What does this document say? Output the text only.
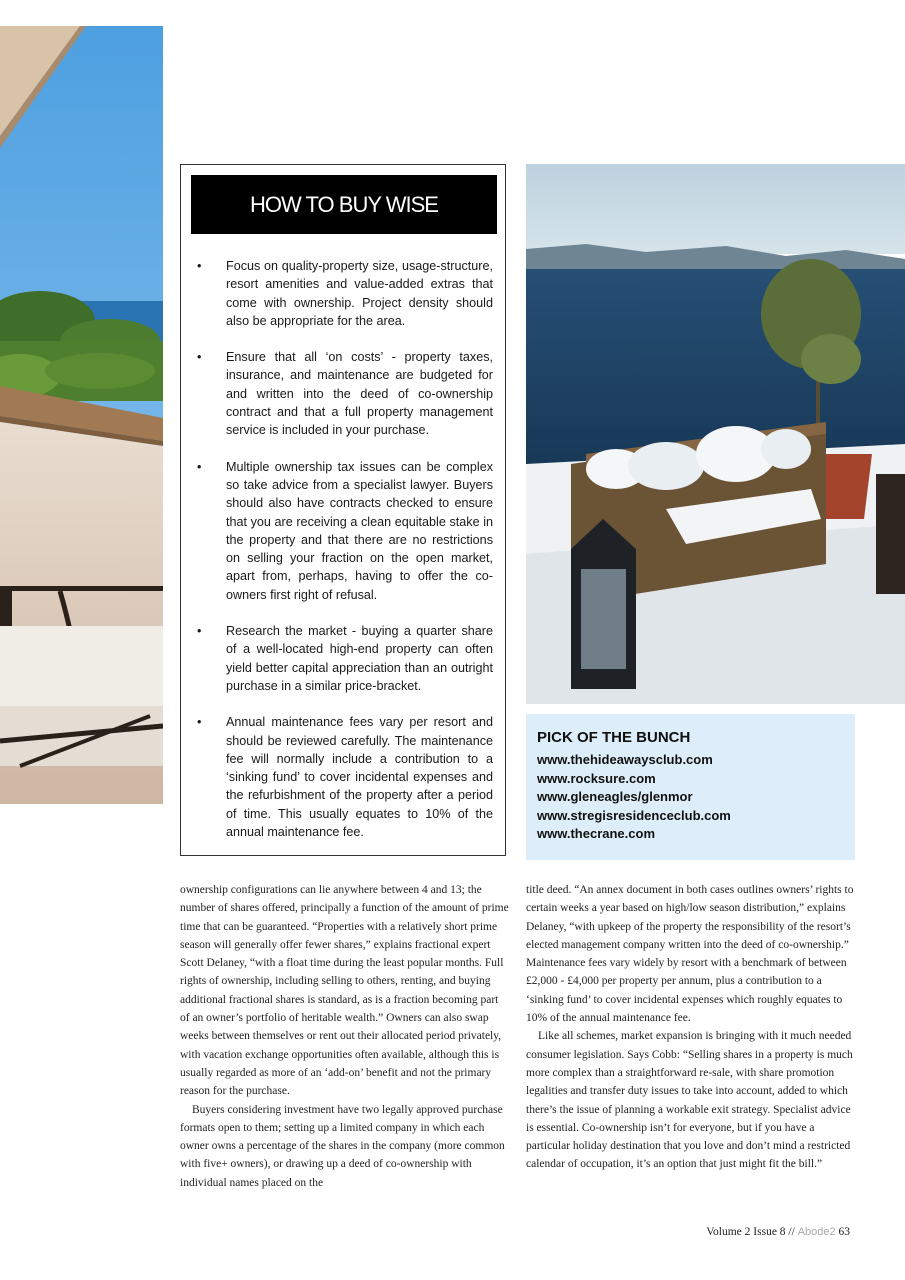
HOW TO BUY WISE
• Focus on quality-property size, usage-structure, resort amenities and value-added extras that come with ownership. Project density should also be appropriate for the area.
• Ensure that all ‘on costs’ - property taxes, insurance, and maintenance are budgeted for and written into the deed of co-ownership contract and that a full property management service is included in your purchase.
• Multiple ownership tax issues can be complex so take advice from a specialist lawyer. Buyers should also have contracts checked to ensure that you are receiving a clean equitable stake in the property and that there are no restrictions on selling your fraction on the open market, apart from, perhaps, having to offer the co-owners first right of refusal.
• Research the market - buying a quarter share of a well-located high-end property can often yield better capital appreciation than an outright purchase in a similar price-bracket.
• Annual maintenance fees vary per resort and should be reviewed carefully. The maintenance fee will normally include a contribution to a ‘sinking fund’ to cover incidental expenses and the refurbishment of the property after a period of time. This usually equates to 10% of the annual maintenance fee.
PICK OF THE BUNCH
www.thehideawaysclub.com
www.rocksure.com
www.gleneagles/glenmor
www.stregisresidenceclub.com
www.thecrane.com

ownership configurations can lie anywhere between 4 and 13; the number of shares offered, principally a function of the amount of prime time that can be guaranteed. “Properties with a relatively short prime season will generally offer fewer shares,” explains fractional expert Scott Delaney, “with a float time during the least popular months. Full rights of ownership, including selling to others, renting, and buying additional fractional shares is standard, as is a fraction becoming part of an owner’s portfolio of heritable wealth.” Owners can also swap weeks between themselves or rent out their allocated period privately, with vacation exchange opportunities often available, although this is usually regarded as more of an ‘add-on’ benefit and not the primary reason for the purchase.

Buyers considering investment have two legally approved purchase formats open to them; setting up a limited company in which each owner owns a percentage of the shares in the company (more common with five+ owners), or drawing up a deed of co-ownership with individual names placed on the

title deed. “An annex document in both cases outlines owners’ rights to certain weeks a year based on high/low season distribution,” explains Delaney, “with upkeep of the property the responsibility of the resort’s elected management company written into the deed of co-ownership.” Maintenance fees vary widely by resort with a benchmark of between £2,000 - £4,000 per property per annum, plus a contribution to a ‘sinking fund’ to cover incidental expenses which roughly equates to 10% of the annual maintenance fee.

Like all schemes, market expansion is bringing with it much needed consumer legislation. Says Cobb: “Selling shares in a property is much more complex than a straightforward re-sale, with share promotion legalities and transfer duty issues to take into account, added to which there’s the issue of planning a workable exit strategy. Specialist advice is essential. Co-ownership isn’t for everyone, but if you have a particular holiday destination that you love and don’t mind a restricted calendar of occupation, it’s an option that just might fit the bill.”

Volume 2 Issue 8 // Abode2 63
